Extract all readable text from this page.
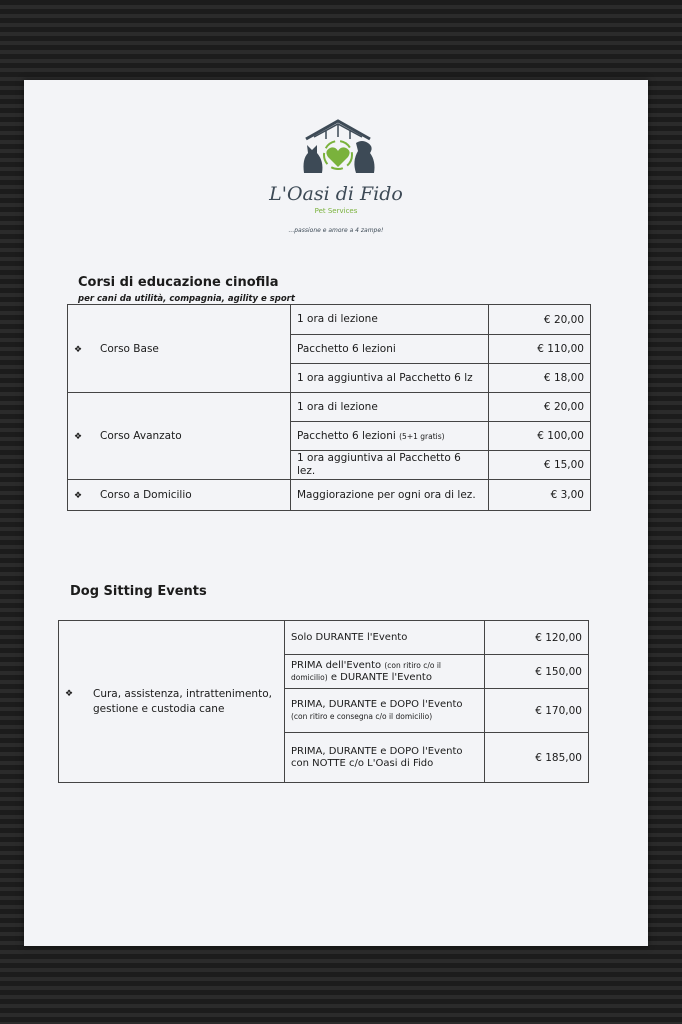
L'Oasi di Fido
Pet Services
...passione e amore a 4 zampe!
Corsi di educazione cinofila
per cani da utilità, compagnia, agility e sport
❖ Corso Base	1 ora di lezione	€ 20,00
	Pacchetto 6 lezioni	€ 110,00
	1 ora aggiuntiva al Pacchetto 6 lz	€ 18,00
❖ Corso Avanzato	1 ora di lezione	€ 20,00
	Pacchetto 6 lezioni (5+1 gratis)	€ 100,00
	1 ora aggiuntiva al Pacchetto 6 lez.	€ 15,00
❖ Corso a Domicilio	Maggiorazione per ogni ora di lez.	€ 3,00
Dog Sitting Events
❖ Cura, assistenza, intrattenimento, gestione e custodia cane	Solo DURANTE l'Evento	€ 120,00
	PRIMA dell'Evento (con ritiro c/o il domicilio) e DURANTE l'Evento	€ 150,00
	PRIMA, DURANTE e DOPO l'Evento (con ritiro e consegna c/o il domicilio)	€ 170,00
	PRIMA, DURANTE e DOPO l'Evento con NOTTE c/o L'Oasi di Fido	€ 185,00
